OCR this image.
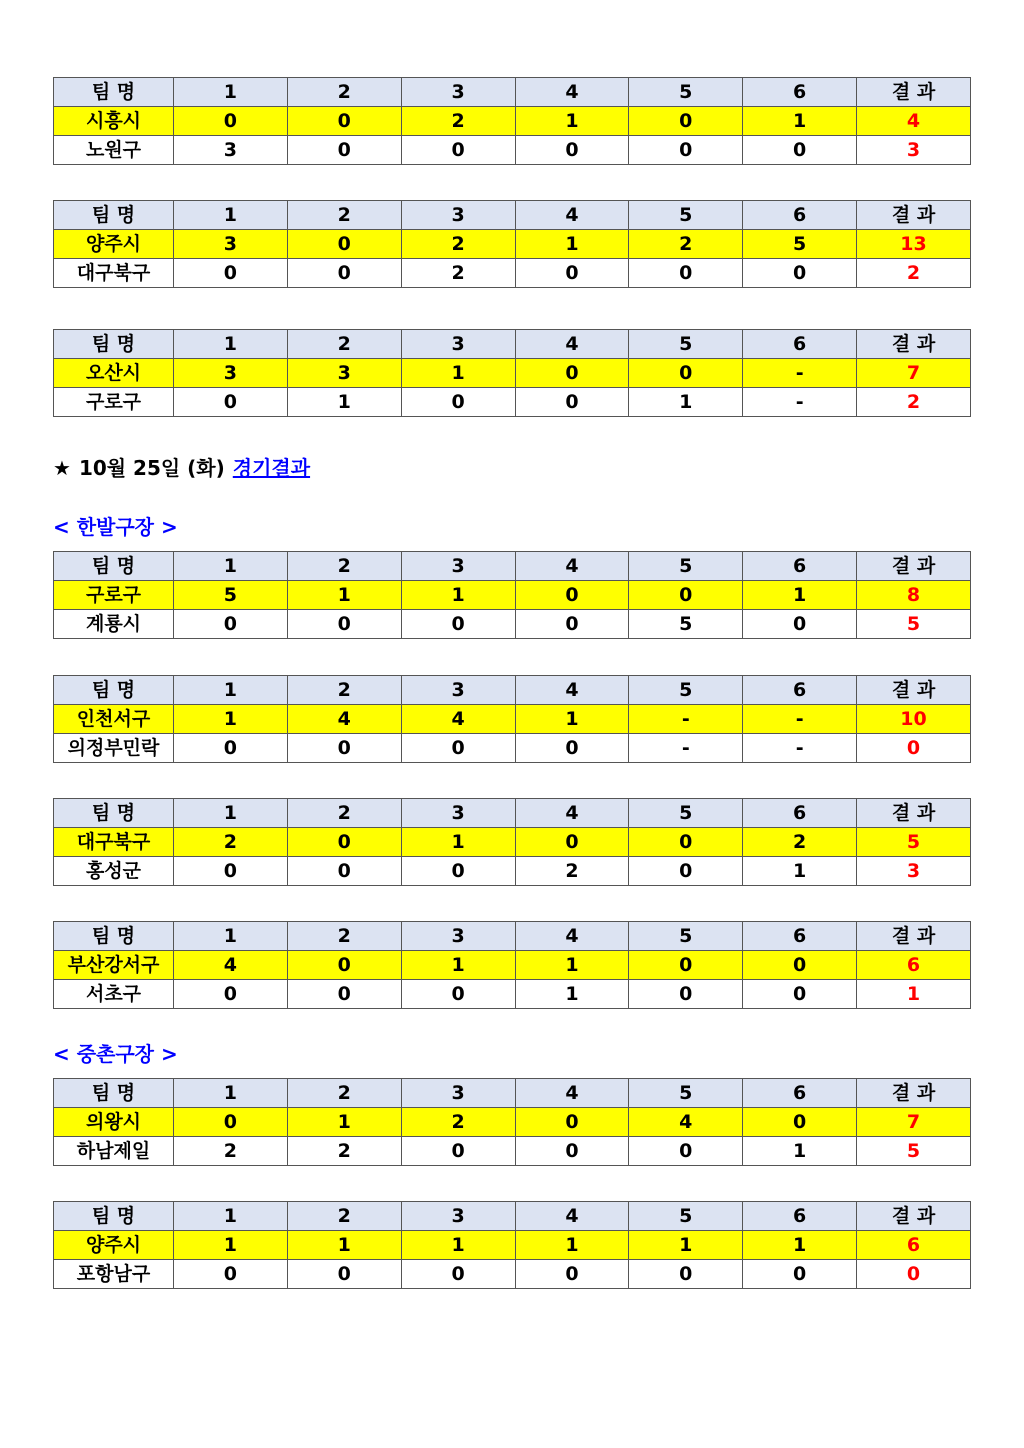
팀 명	1	2	3	4	5	6	결 과
시흥시	0	0	2	1	0	1	4
노원구	3	0	0	0	0	0	3
팀 명	1	2	3	4	5	6	결 과
양주시	3	0	2	1	2	5	13
대구북구	0	0	2	0	0	0	2
팀 명	1	2	3	4	5	6	결 과
오산시	3	3	1	0	0	-	7
구로구	0	1	0	0	1	-	2
★ 10월 25일 (화) 경기결과
< 한발구장 >
팀 명	1	2	3	4	5	6	결 과
구로구	5	1	1	0	0	1	8
계룡시	0	0	0	0	5	0	5
팀 명	1	2	3	4	5	6	결 과
인천서구	1	4	4	1	-	-	10
의정부민락	0	0	0	0	-	-	0
팀 명	1	2	3	4	5	6	결 과
대구북구	2	0	1	0	0	2	5
홍성군	0	0	0	2	0	1	3
팀 명	1	2	3	4	5	6	결 과
부산강서구	4	0	1	1	0	0	6
서초구	0	0	0	1	0	0	1
< 중촌구장 >
팀 명	1	2	3	4	5	6	결 과
의왕시	0	1	2	0	4	0	7
하남제일	2	2	0	0	0	1	5
팀 명	1	2	3	4	5	6	결 과
양주시	1	1	1	1	1	1	6
포항남구	0	0	0	0	0	0	0
